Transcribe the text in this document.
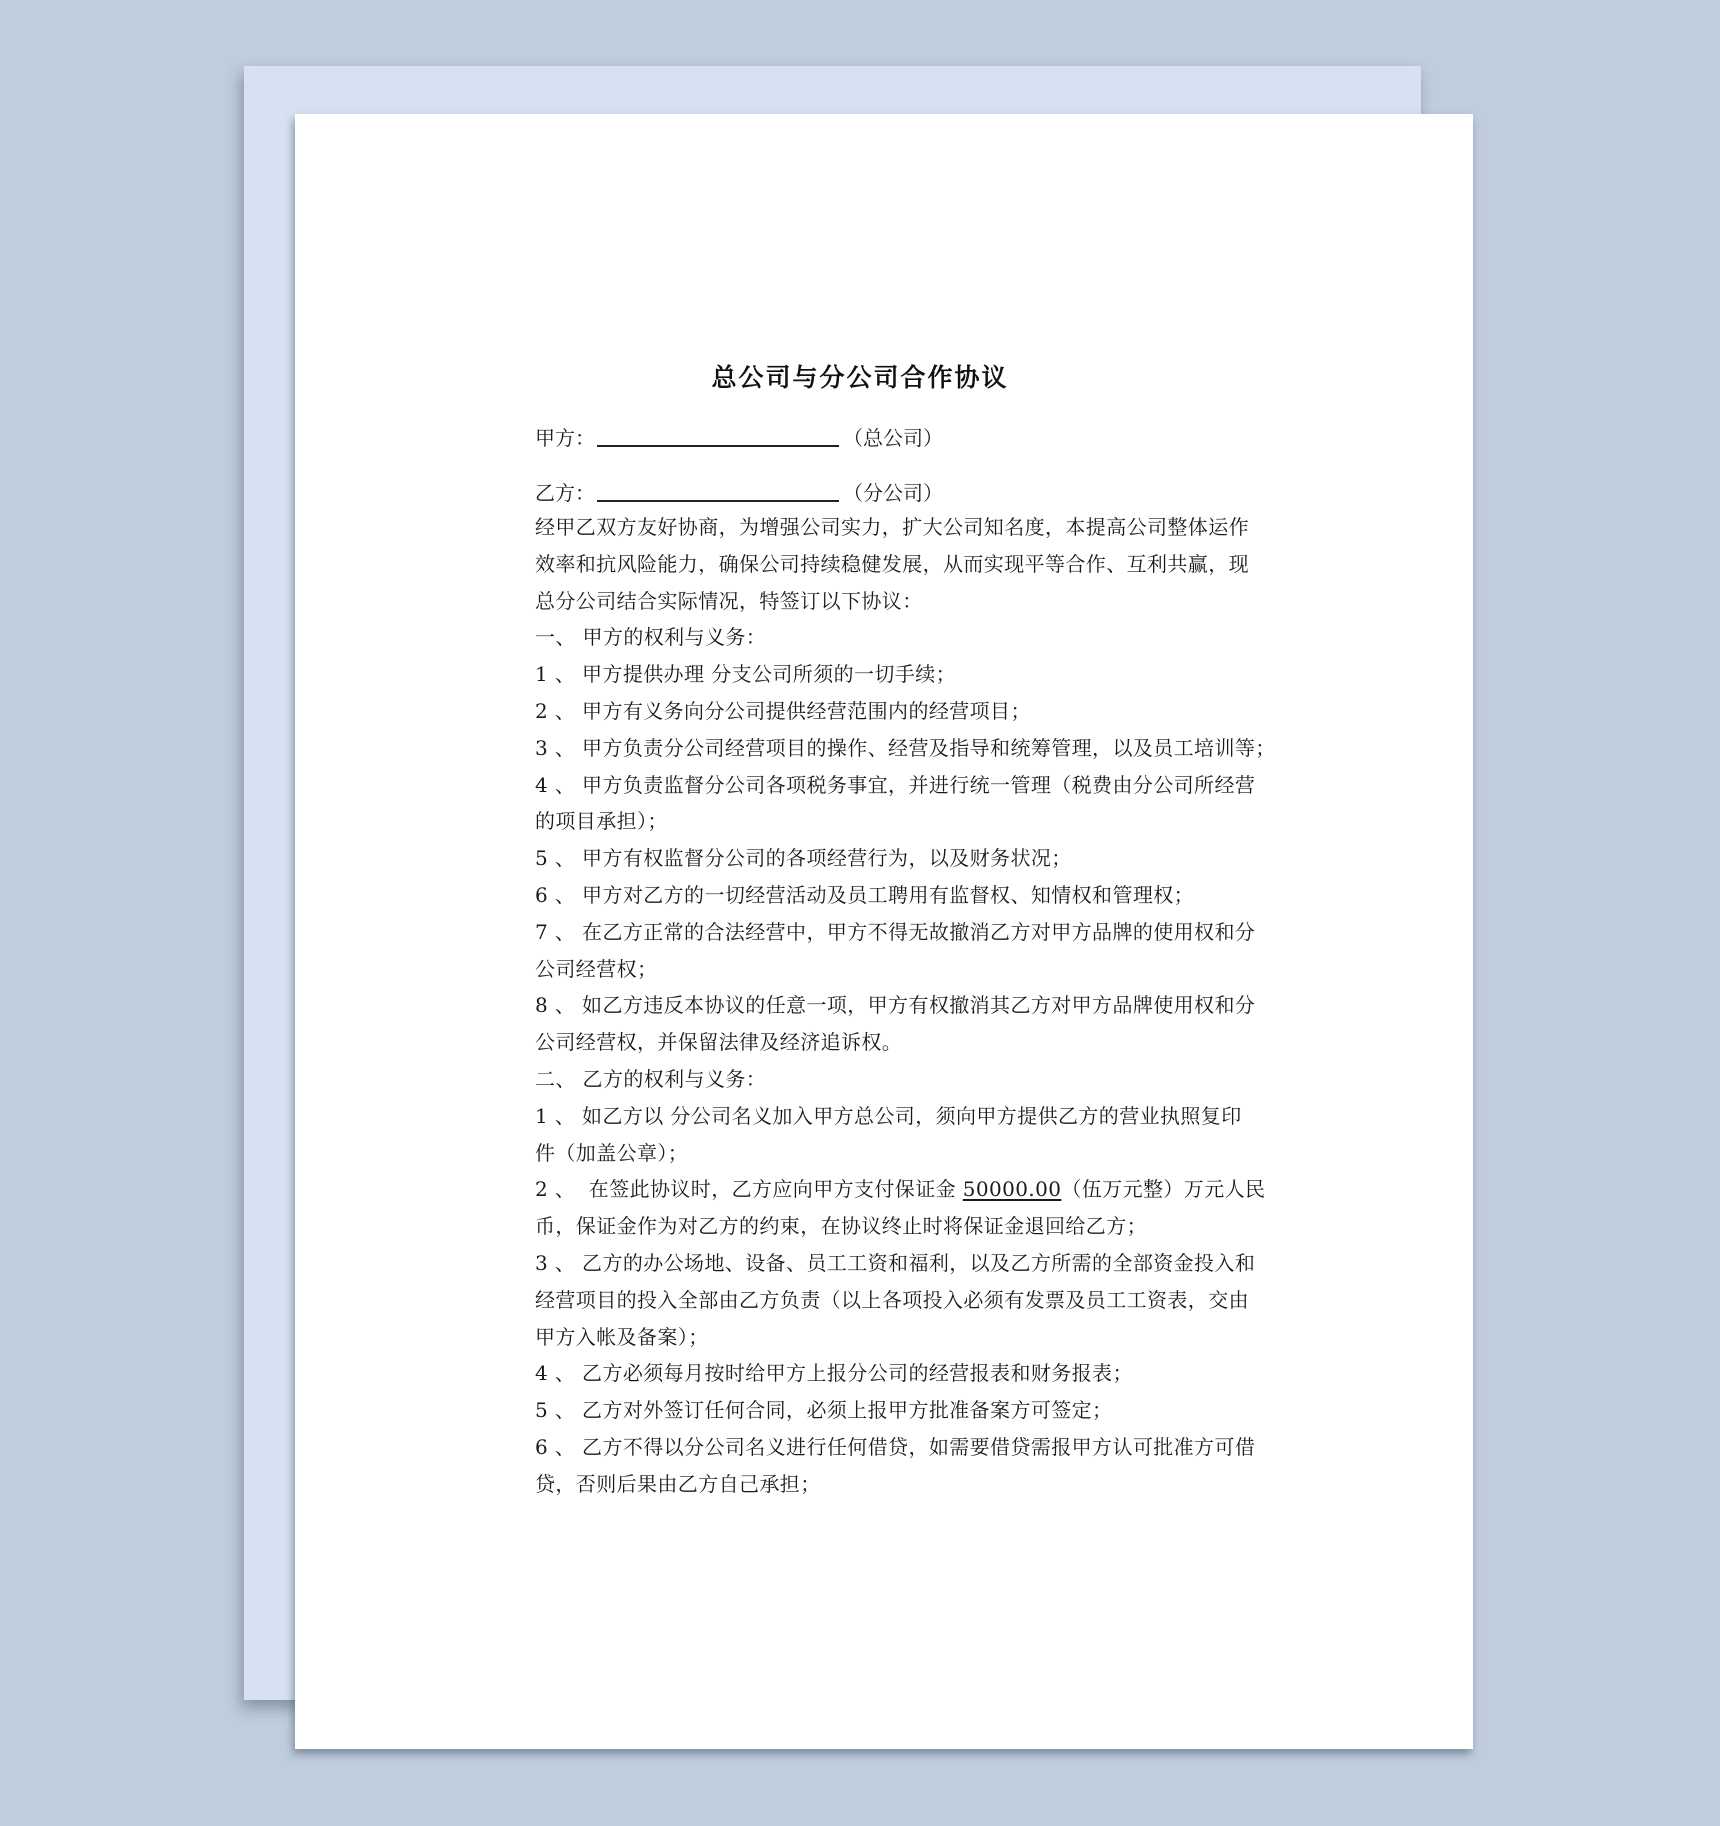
总公司与分公司合作协议
甲方：	（总公司）
乙方：	（分公司）
经甲乙双方友好协商，为增强公司实力，扩大公司知名度，本提高公司整体运作
效率和抗风险能力，确保公司持续稳健发展，从而实现平等合作、互利共赢，现
总分公司结合实际情况，特签订以下协议：
一、 甲方的权利与义务：
1 、 甲方提供办理 分支公司所须的一切手续；
2 、 甲方有义务向分公司提供经营范围内的经营项目；
3 、 甲方负责分公司经营项目的操作、经营及指导和统筹管理，以及员工培训等；
4 、 甲方负责监督分公司各项税务事宜，并进行统一管理（税费由分公司所经营
的项目承担）；
5 、 甲方有权监督分公司的各项经营行为，以及财务状况；
6 、 甲方对乙方的一切经营活动及员工聘用有监督权、知情权和管理权；
7 、 在乙方正常的合法经营中，甲方不得无故撤消乙方对甲方品牌的使用权和分
公司经营权；
8 、 如乙方违反本协议的任意一项，甲方有权撤消其乙方对甲方品牌使用权和分
公司经营权，并保留法律及经济追诉权。
二、 乙方的权利与义务：
1 、 如乙方以 分公司名义加入甲方总公司，须向甲方提供乙方的营业执照复印
件（加盖公章）；
2 、  在签此协议时，乙方应向甲方支付保证金 50000.00（伍万元整）万元人民
币，保证金作为对乙方的约束，在协议终止时将保证金退回给乙方；
3 、 乙方的办公场地、设备、员工工资和福利，以及乙方所需的全部资金投入和
经营项目的投入全部由乙方负责（以上各项投入必须有发票及员工工资表，交由
甲方入帐及备案）；
4 、 乙方必须每月按时给甲方上报分公司的经营报表和财务报表；
5 、 乙方对外签订任何合同，必须上报甲方批准备案方可签定；
6 、 乙方不得以分公司名义进行任何借贷，如需要借贷需报甲方认可批准方可借
贷，否则后果由乙方自己承担；
